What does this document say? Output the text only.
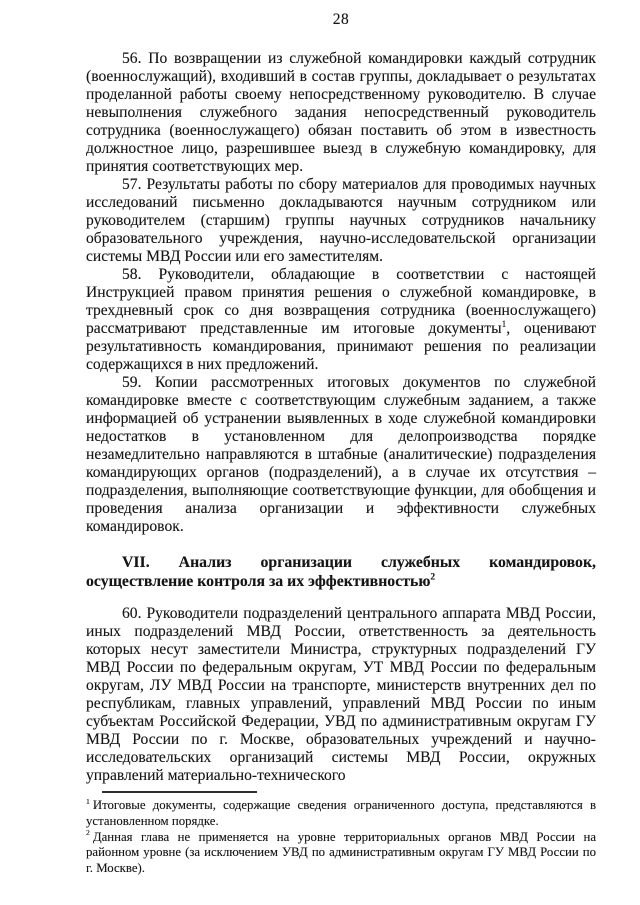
28

56. По возвращении из служебной командировки каждый сотрудник (военнослужащий), входивший в состав группы, докладывает о результатах проделанной работы своему непосредственному руководителю. В случае невыполнения служебного задания непосредственный руководитель сотрудника (военнослужащего) обязан поставить об этом в известность должностное лицо, разрешившее выезд в служебную командировку, для принятия соответствующих мер.

57. Результаты работы по сбору материалов для проводимых научных исследований письменно докладываются научным сотрудником или руководителем (старшим) группы научных сотрудников начальнику образовательного учреждения, научно-исследовательской организации системы МВД России или его заместителям.

58. Руководители, обладающие в соответствии с настоящей Инструкцией правом принятия решения о служебной командировке, в трехдневный срок со дня возвращения сотрудника (военнослужащего) рассматривают представленные им итоговые документы$^1$, оценивают результативность командирования, принимают решения по реализации содержащихся в них предложений.

59. Копии рассмотренных итоговых документов по служебной командировке вместе с соответствующим служебным заданием, а также информацией об устранении выявленных в ходе служебной командировки недостатков в установленном для делопроизводства порядке незамедлительно направляются в штабные (аналитические) подразделения командирующих органов (подразделений), а в случае их отсутствия – подразделения, выполняющие соответствующие функции, для обобщения и проведения анализа организации и эффективности служебных командировок.

VII. Анализ организации служебных командировок,
осуществление контроля за их эффективностью$^2$

60. Руководители подразделений центрального аппарата МВД России, иных подразделений МВД России, ответственность за деятельность которых несут заместители Министра, структурных подразделений ГУ МВД России по федеральным округам, УТ МВД России по федеральным округам, ЛУ МВД России на транспорте, министерств внутренних дел по республикам, главных управлений, управлений МВД России по иным субъектам Российской Федерации, УВД по административным округам ГУ МВД России по г. Москве, образовательных учреждений и научно-исследовательских организаций системы МВД России, окружных управлений материально-технического

$^1$ Итоговые документы, содержащие сведения ограниченного доступа, представляются в установленном порядке.

$^2$ Данная глава не применяется на уровне территориальных органов МВД России на районном уровне (за исключением УВД по административным округам ГУ МВД России по г. Москве).
